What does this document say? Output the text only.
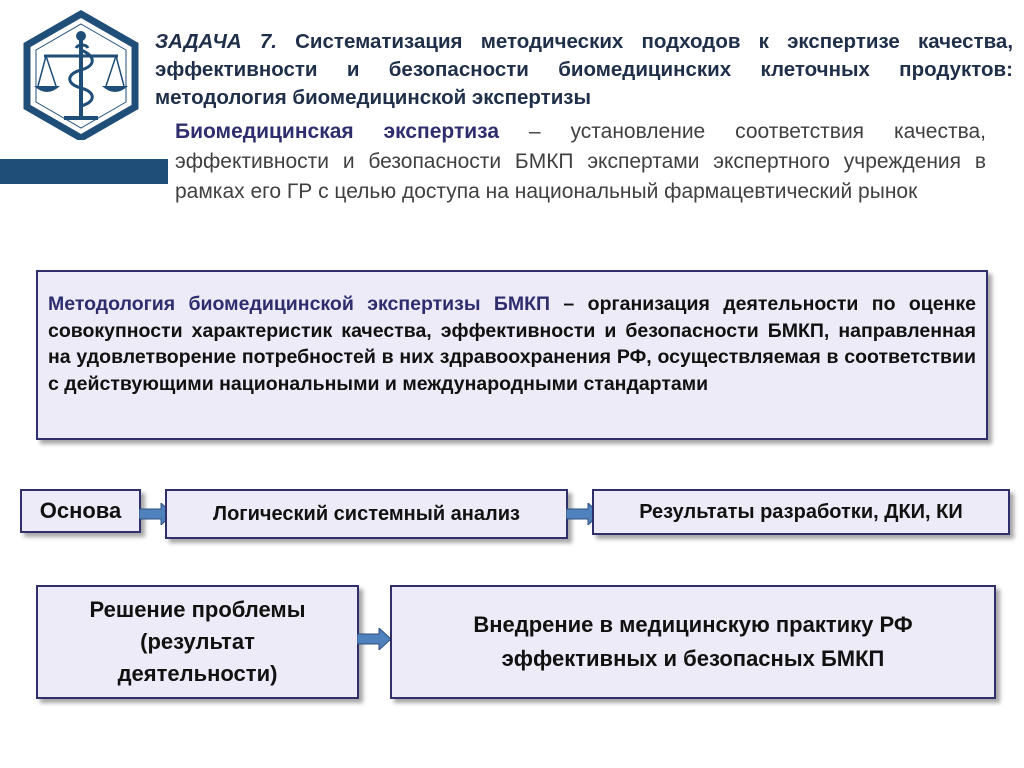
ЗАДАЧА 7. Систематизация методических подходов к экспертизе качества, эффективности и безопасности биомедицинских клеточных продуктов: методология биомедицинской экспертизы

Биомедицинская экспертиза – установление соответствия качества, эффективности и безопасности БМКП экспертами экспертного учреждения в рамках его ГР с целью доступа на национальный фармацевтический рынок

Методология биомедицинской экспертизы БМКП – организация деятельности по оценке совокупности характеристик качества, эффективности и безопасности БМКП, направленная на удовлетворение потребностей в них здравоохранения РФ, осуществляемая в соответствии с действующими национальными и международными стандартами

Основа	Логический системный анализ	Результаты разработки, ДКИ, КИ
Решение проблемы
(результат
деятельности)
Внедрение в медицинскую практику РФ
эффективных и безопасных БМКП
